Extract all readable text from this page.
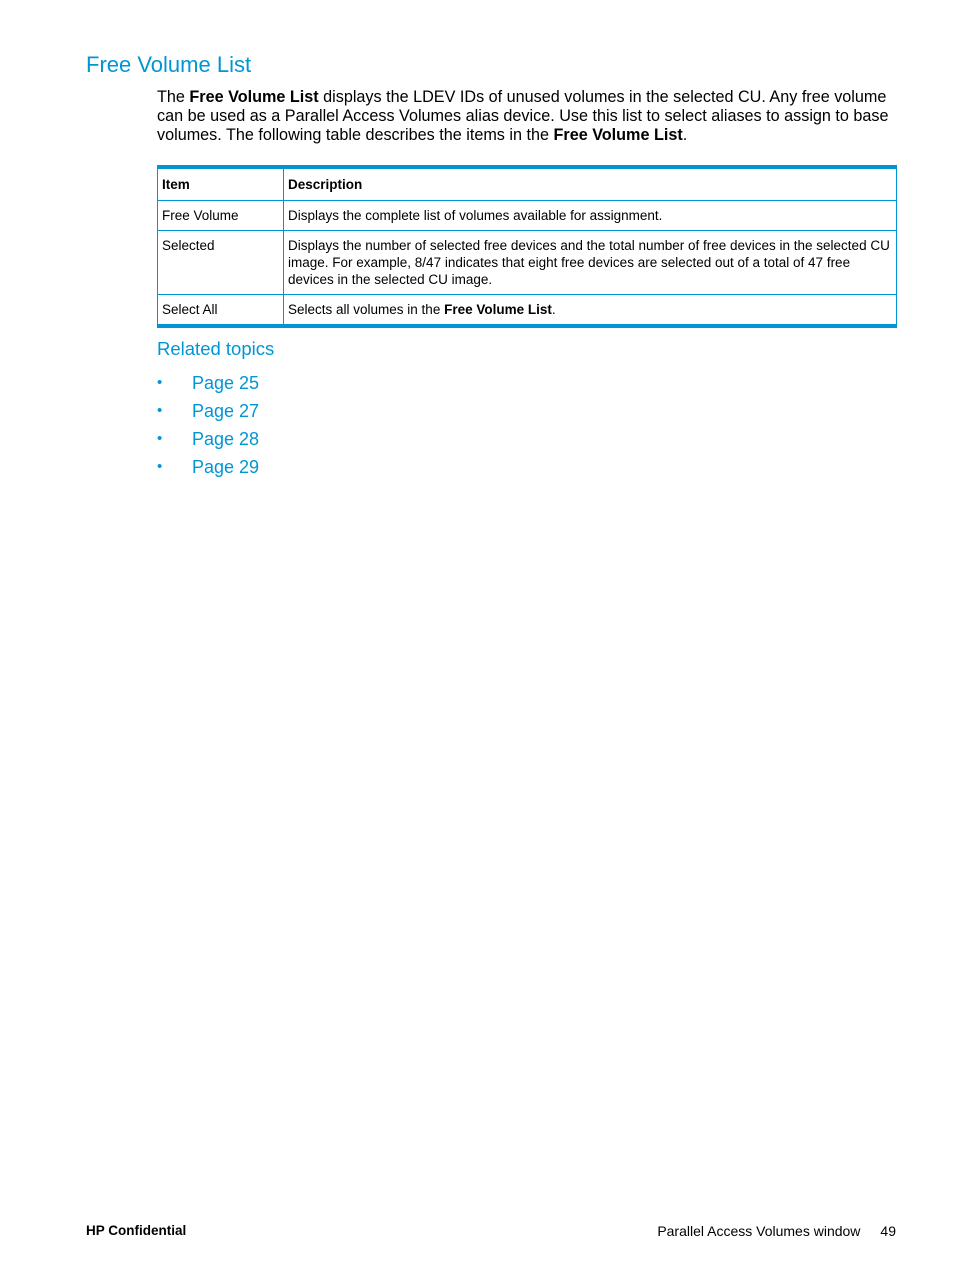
Free Volume List

The Free Volume List displays the LDEV IDs of unused volumes in the selected CU. Any free volume can be used as a Parallel Access Volumes alias device. Use this list to select aliases to assign to base volumes. The following table describes the items in the Free Volume List.

Item	Description
Free Volume	Displays the complete list of volumes available for assignment.
Selected	Displays the number of selected free devices and the total number of free devices in the selected CU image. For example, 8/47 indicates that eight free devices are selected out of a total of 47 free devices in the selected CU image.
Select All	Selects all volumes in the Free Volume List.
Related topics
•	Page 25
•	Page 27
•	Page 28
•	Page 29
HP Confidential	Parallel Access Volumes window 49
